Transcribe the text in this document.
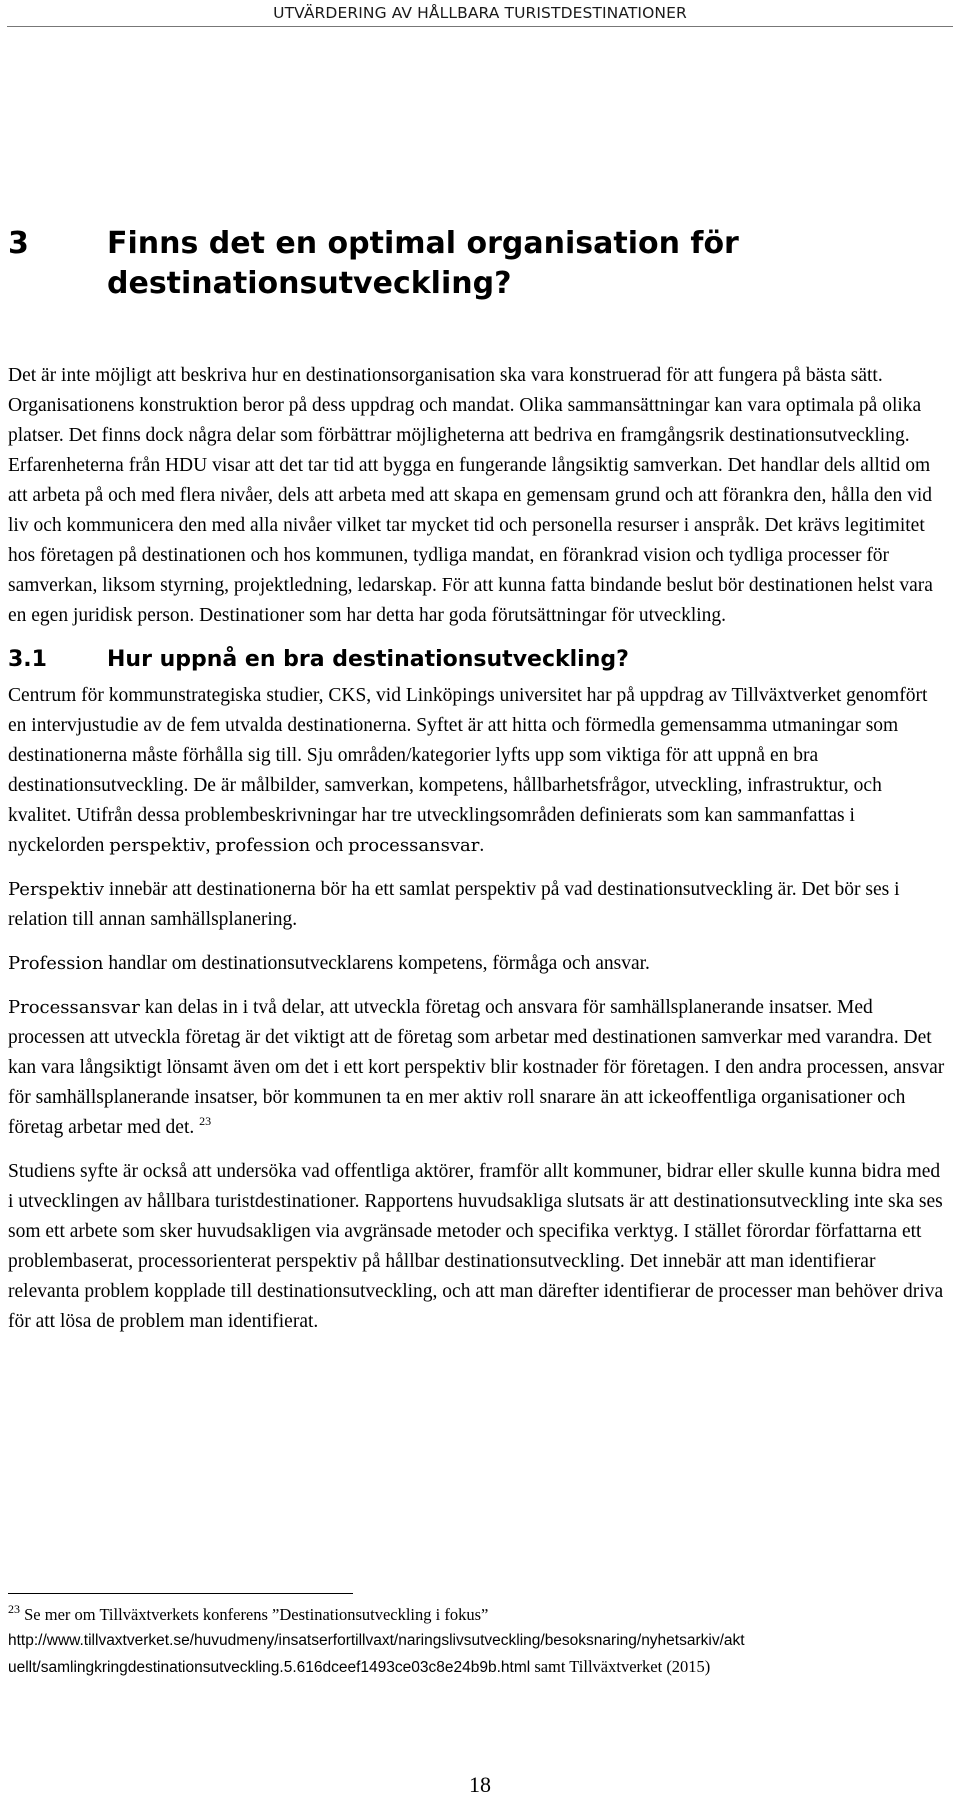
UTVÄRDERING AV HÅLLBARA TURISTDESTINATIONER
3	Finns det en optimal organisation för destinationsutveckling?

Det är inte möjligt att beskriva hur en destinationsorganisation ska vara konstruerad för att fungera på bästa sätt. Organisationens konstruktion beror på dess uppdrag och mandat. Olika sammansättningar kan vara optimala på olika platser. Det finns dock några delar som förbättrar möjligheterna att bedriva en framgångsrik destinationsutveckling. Erfarenheterna från HDU visar att det tar tid att bygga en fungerande långsiktig samverkan. Det handlar dels alltid om att arbeta på och med flera nivåer, dels att arbeta med att skapa en gemensam grund och att förankra den, hålla den vid liv och kommunicera den med alla nivåer vilket tar mycket tid och personella resurser i anspråk. Det krävs legitimitet hos företagen på destinationen och hos kommunen, tydliga mandat, en förankrad vision och tydliga processer för samverkan, liksom styrning, projektledning, ledarskap. För att kunna fatta bindande beslut bör destinationen helst vara en egen juridisk person. Destinationer som har detta har goda förutsättningar för utveckling.

3.1	Hur uppnå en bra destinationsutveckling?

Centrum för kommunstrategiska studier, CKS, vid Linköpings universitet har på uppdrag av Tillväxtverket genomfört en intervjustudie av de fem utvalda destinationerna. Syftet är att hitta och förmedla gemensamma utmaningar som destinationerna måste förhålla sig till. Sju områden/kategorier lyfts upp som viktiga för att uppnå en bra destinationsutveckling. De är målbilder, samverkan, kompetens, hållbarhetsfrågor, utveckling, infrastruktur, och kvalitet. Utifrån dessa problembeskrivningar har tre utvecklingsområden definierats som kan sammanfattas i nyckelorden perspektiv, profession och processansvar.

Perspektiv innebär att destinationerna bör ha ett samlat perspektiv på vad destinationsutveckling är. Det bör ses i relation till annan samhällsplanering.

Profession handlar om destinationsutvecklarens kompetens, förmåga och ansvar.

Processansvar kan delas in i två delar, att utveckla företag och ansvara för samhällsplanerande insatser. Med processen att utveckla företag är det viktigt att de företag som arbetar med destinationen samverkar med varandra. Det kan vara långsiktigt lönsamt även om det i ett kort perspektiv blir kostnader för företagen. I den andra processen, ansvar för samhällsplanerande insatser, bör kommunen ta en mer aktiv roll snarare än att ickeoffentliga organisationer och företag arbetar med det. $^{23}$

Studiens syfte är också att undersöka vad offentliga aktörer, framför allt kommuner, bidrar eller skulle kunna bidra med i utvecklingen av hållbara turistdestinationer. Rapportens huvudsakliga slutsats är att destinationsutveckling inte ska ses som ett arbete som sker huvudsakligen via avgränsade metoder och specifika verktyg. I stället förordar författarna ett problembaserat, processorienterat perspektiv på hållbar destinationsutveckling. Det innebär att man identifierar relevanta problem kopplade till destinationsutveckling, och att man därefter identifierar de processer man behöver driva för att lösa de problem man identifierat.

$^{23}$ Se mer om Tillväxtverkets konferens ”Destinationsutveckling i fokus”
http://www.tillvaxtverket.se/huvudmeny/insatserfortillvaxt/naringslivsutveckling/besoksnaring/nyhetsarkiv/akt
uellt/samlingkringdestinationsutveckling.5.616dceef1493ce03c8e24b9b.html samt Tillväxtverket (2015)
18
